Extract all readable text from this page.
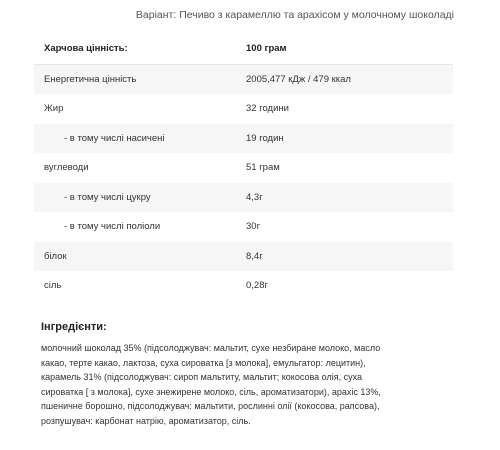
Варіант: Печиво з карамеллю та арахісом у молочному шоколаді
Харчова цінність:	100 грам
Енергетична цінність	2005,477 кДж / 479 ккал
Жир	32 години
- в тому числі насичені	19 годин
вуглеводи	51 грам
- в тому числі цукру	4,3г
- в тому числі поліоли	30г
білок	8,4г
сіль	0,28г
Інгредієнти:
молочний шоколад 35% (підсолоджувач: мальтит, сухе незбиране молоко, масло
какао, терте какао, лактоза, суха сироватка [з молока], емульгатор: лецитин),
карамель 31% (підсолоджувач: сироп мальтиту, мальтит; кокосова олія, суха
сироватка [ з молока], сухе знежирене молоко, сіль, ароматизатори), арахіс 13%,
пшеничне борошно, підсолоджувач: мальтити, рослинні олії (кокосова, рапсова),
розпушувач: карбонат натрію, ароматизатор, сіль.
